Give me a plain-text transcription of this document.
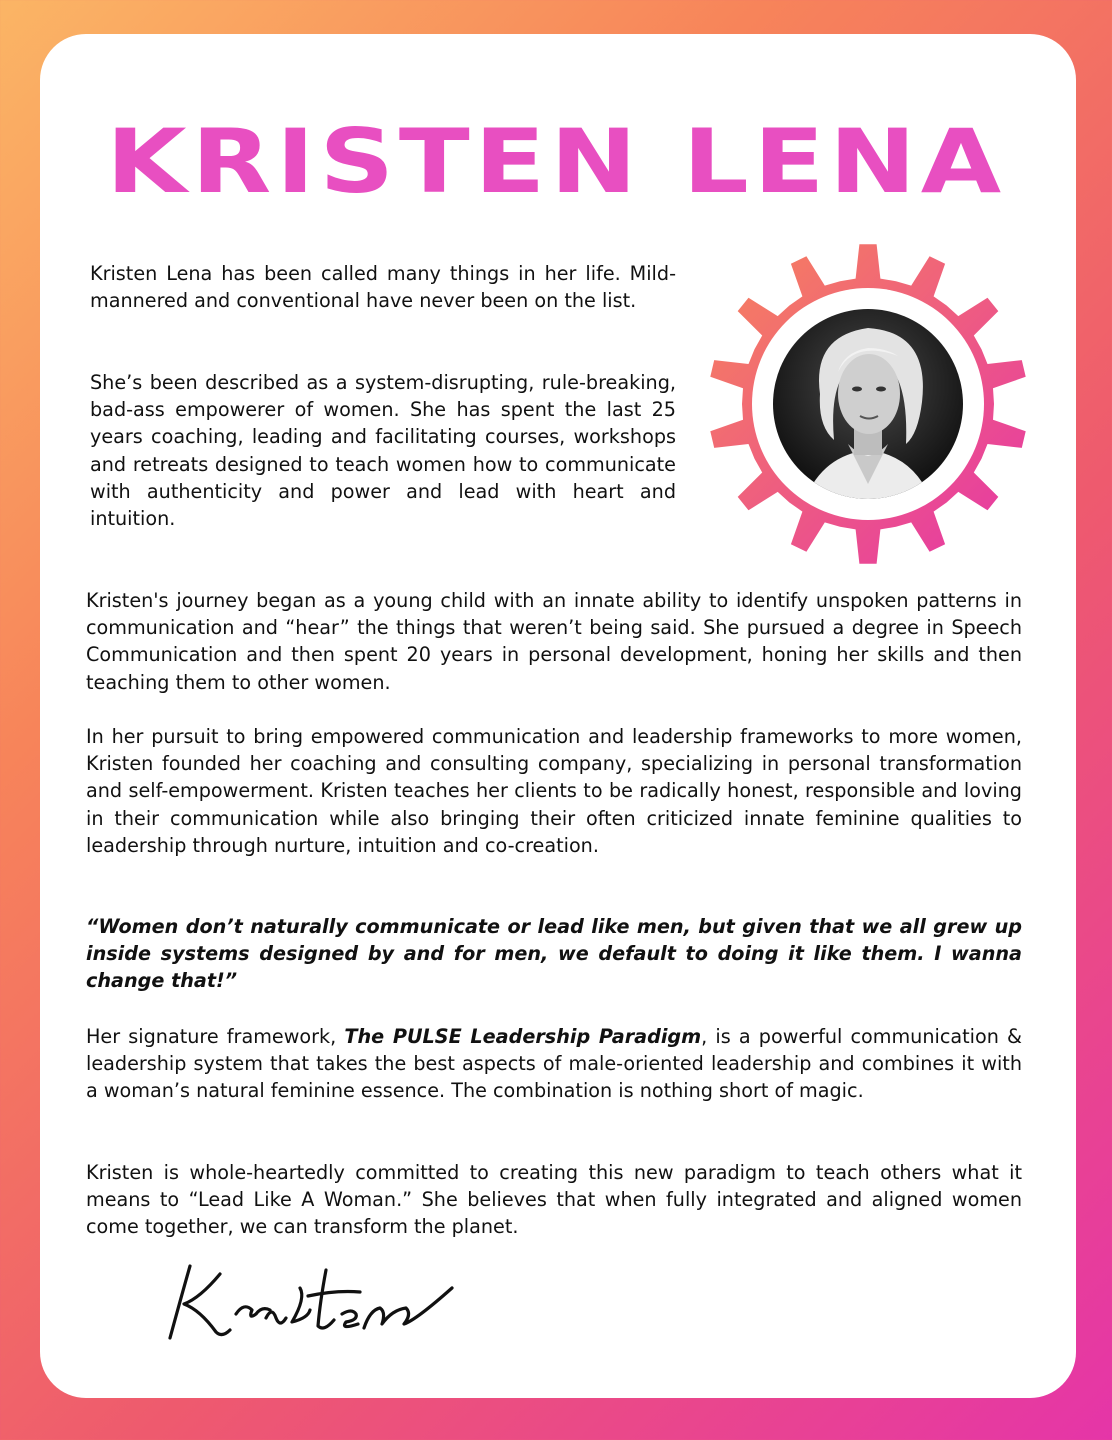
KRISTEN LENA

Kristen Lena has been called many things in her life. Mild-mannered and conventional have never been on the list.

She’s been described as a system-disrupting, rule-breaking, bad-ass empowerer of women. She has spent the last 25 years coaching, leading and facilitating courses, workshops and retreats designed to teach women how to communicate with authenticity and power and lead with heart and intuition.

Kristen's journey began as a young child with an innate ability to identify unspoken patterns in communication and “hear” the things that weren’t being said. She pursued a degree in Speech Communication and then spent 20 years in personal development, honing her skills and then teaching them to other women.

In her pursuit to bring empowered communication and leadership frameworks to more women, Kristen founded her coaching and consulting company, specializing in personal transformation and self-empowerment. Kristen teaches her clients to be radically honest, responsible and loving in their communication while also bringing their often criticized innate feminine qualities to leadership through nurture, intuition and co-creation.

“Women don’t naturally communicate or lead like men, but given that we all grew up inside systems designed by and for men, we default to doing it like them. I wanna change that!”

Her signature framework, The PULSE Leadership Paradigm, is a powerful communication & leadership system that takes the best aspects of male-oriented leadership and combines it with a woman’s natural feminine essence. The combination is nothing short of magic.

Kristen is whole-heartedly committed to creating this new paradigm to teach others what it means to “Lead Like A Woman.” She believes that when fully integrated and aligned women come together, we can transform the planet.
